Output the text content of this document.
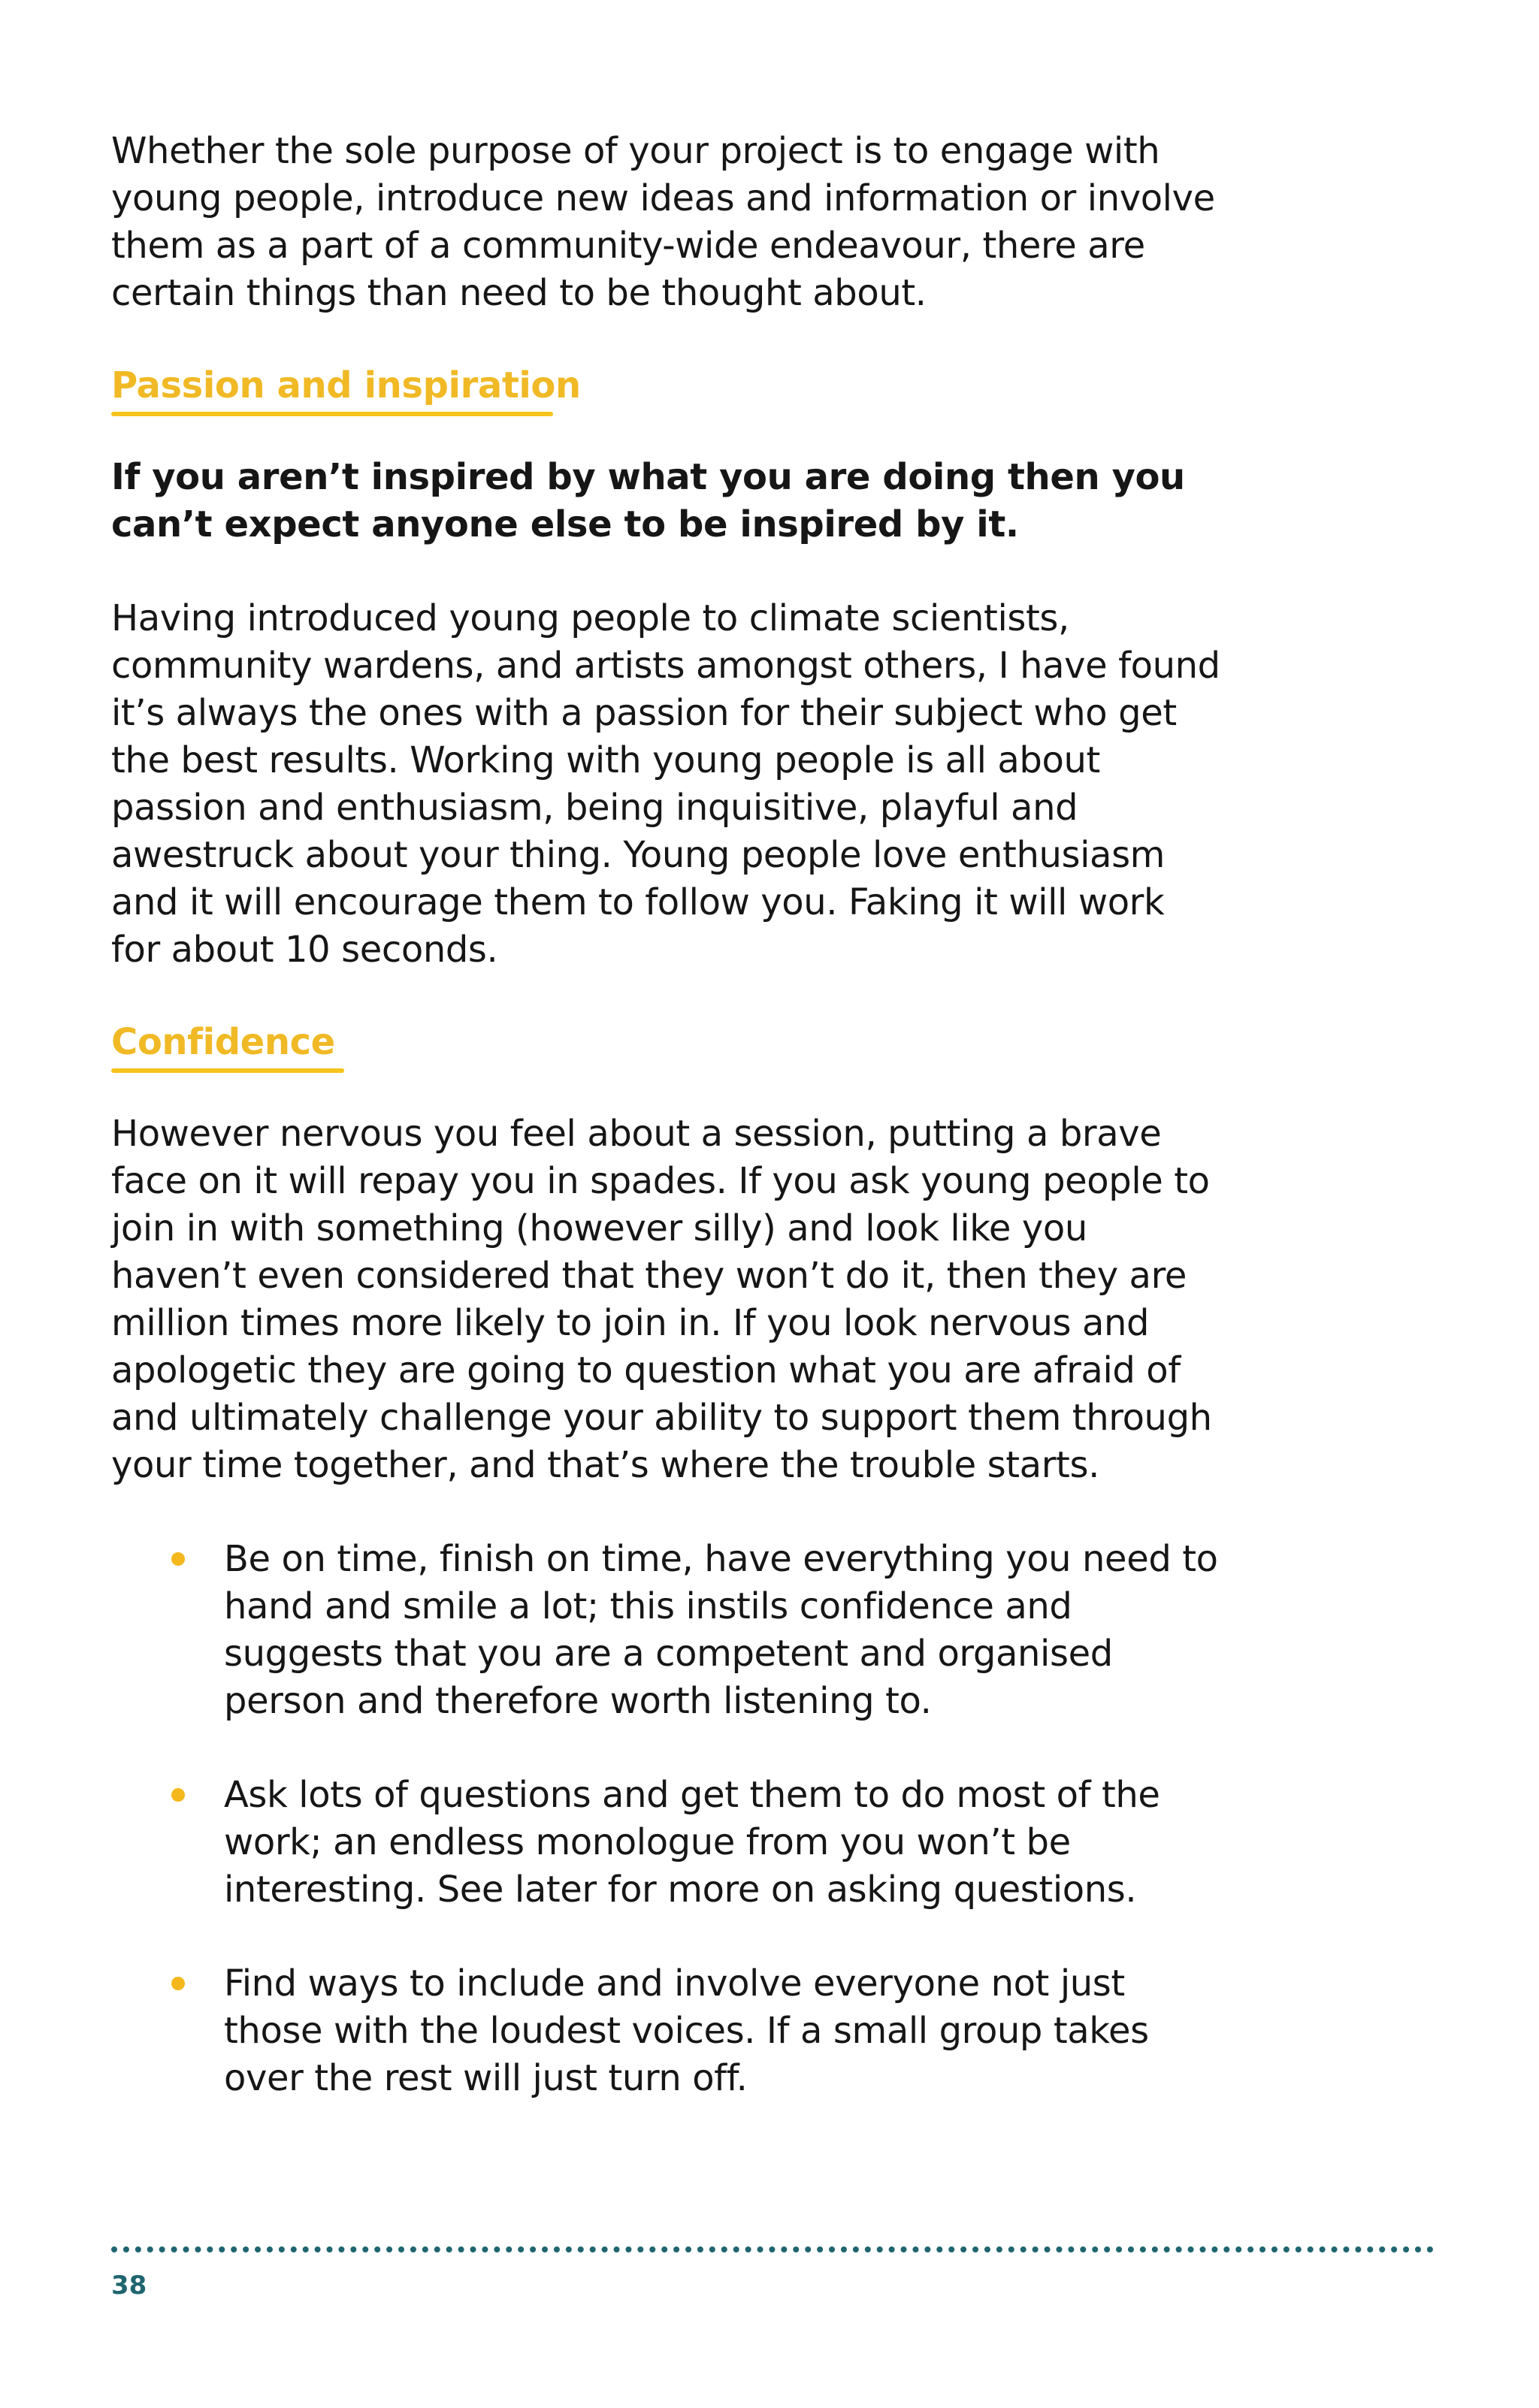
Whether the sole purpose of your project is to engage with young people, introduce new ideas and information or involve them as a part of a community-wide endeavour, there are certain things than need to be thought about.

Passion and inspiration

If you aren’t inspired by what you are doing then you can’t expect anyone else to be inspired by it.

Having introduced young people to climate scientists, community wardens, and artists amongst others, I have found it’s always the ones with a passion for their subject who get the best results. Working with young people is all about passion and enthusiasm, being inquisitive, playful and awestruck about your thing. Young people love enthusiasm and it will encourage them to follow you. Faking it will work for about 10 seconds.

Confidence

However nervous you feel about a session, putting a brave face on it will repay you in spades. If you ask young people to join in with something (however silly) and look like you haven’t even considered that they won’t do it, then they are million times more likely to join in. If you look nervous and apologetic they are going to question what you are afraid of and ultimately challenge your ability to support them through your time together, and that’s where the trouble starts.

Be on time, finish on time, have everything you need to hand and smile a lot; this instils confidence and suggests that you are a competent and organised person and therefore worth listening to.
Ask lots of questions and get them to do most of the work; an endless monologue from you won’t be interesting. See later for more on asking questions.
Find ways to include and involve everyone not just those with the loudest voices. If a small group takes over the rest will just turn off.
38
